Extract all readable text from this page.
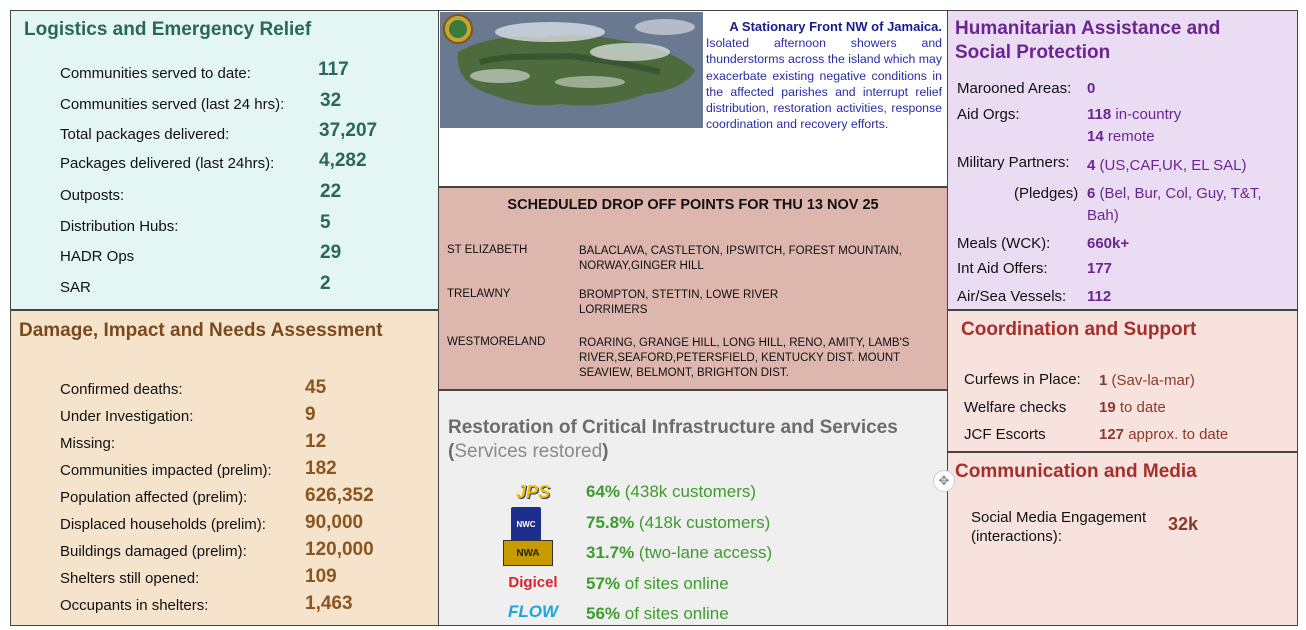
Logistics and Emergency Relief
Communities served to date:	117
Communities served (last 24 hrs): 32
Total packages delivered:	37,207
Packages delivered (last 24hrs): 4,282
Outposts:	22
Distribution Hubs:	5
HADR Ops	29
SAR	2
Damage, Impact and Needs Assessment
Confirmed deaths:	45
Under Investigation:	9
Missing:	12
Communities impacted (prelim): 182
Population affected (prelim):	626,352
Displaced households (prelim): 90,000
Buildings damaged (prelim):	120,000
Shelters still opened:	109
Occupants in shelters:	1,463
A Stationary Front NW of Jamaica.
Isolated afternoon showers and thunderstorms across the island which may exacerbate existing negative conditions in the affected parishes and interrupt relief distribution, restoration activities, response coordination and recovery efforts.
SCHEDULED DROP OFF POINTS FOR THU 13 NOV 25
ST ELIZABETH	BALACLAVA, CASTLETON, IPSWITCH, FOREST MOUNTAIN, NORWAY,GINGER HILL
TRELAWNY	BROMPTON, STETTIN, LOWE RIVER LORRIMERS
WESTMORELAND	ROARING, GRANGE HILL, LONG HILL, RENO, AMITY, LAMB'S RIVER,SEAFORD,PETERSFIELD, KENTUCKY DIST. MOUNT SEAVIEW, BELMONT, BRIGHTON DIST.
Restoration of Critical Infrastructure and Services
(Services restored)
JPS	64% (438k customers)
NWC	75.8% (418k customers)
NWA	31.7% (two-lane access)
Digicel	57% of sites online
FLOW	56% of sites online
Humanitarian Assistance and Social Protection
Marooned Areas: 0
Aid Orgs:	118 in-country
14 remote
Military Partners: 4 (US,CAF,UK, EL SAL)
(Pledges) 6 (Bel, Bur, Col, Guy, T&T,
Bah)
Meals (WCK): 660k+
Int Aid Offers:	177
Air/Sea Vessels: 112
Coordination and Support
Curfews in Place: 1 (Sav-la-mar)
Welfare checks 19 to date
JCF Escorts	127 approx. to date
Communication and Media
Social Media Engagement
(interactions):
32k
✥
